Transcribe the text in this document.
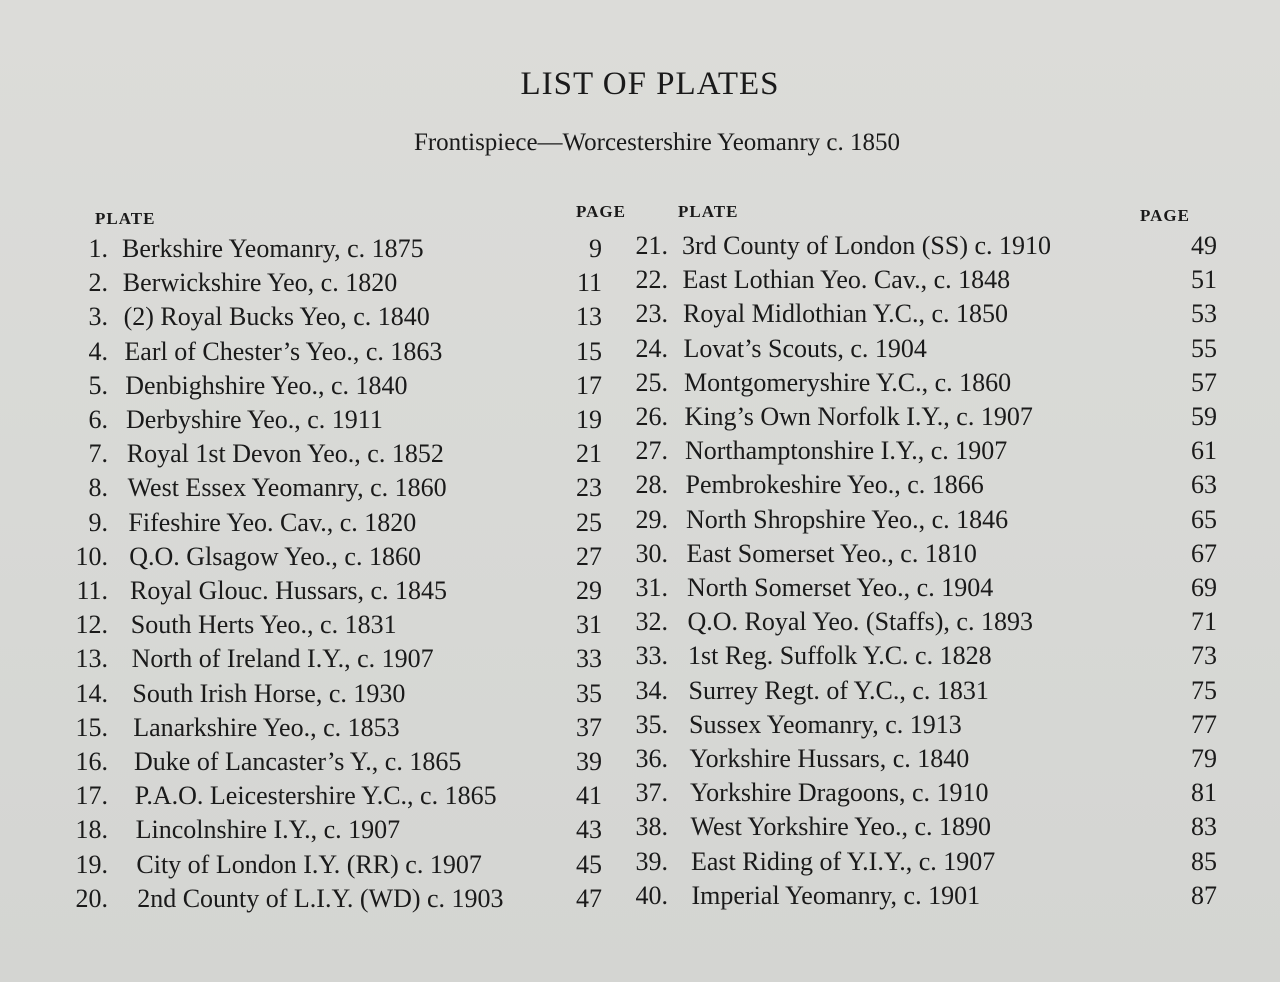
LIST OF PLATES
Frontispiece—Worcestershire Yeomanry c. 1850
PLATE	PAGE	PLATE	PAGE
1. Berkshire Yeomanry, c. 1875	9
2. Berwickshire Yeo, c. 1820	11
3. (2) Royal Bucks Yeo, c. 1840	13
4. Earl of Chester’s Yeo., c. 1863	15
5. Denbighshire Yeo., c. 1840	17
6. Derbyshire Yeo., c. 1911	19
7. Royal 1st Devon Yeo., c. 1852	21
8. West Essex Yeomanry, c. 1860	23
9. Fifeshire Yeo. Cav., c. 1820	25
10. Q.O. Glsagow Yeo., c. 1860	27
11. Royal Glouc. Hussars, c. 1845	29
12. South Herts Yeo., c. 1831	31
13. North of Ireland I.Y., c. 1907	33
14. South Irish Horse, c. 1930	35
15. Lanarkshire Yeo., c. 1853	37
16. Duke of Lancaster’s Y., c. 1865	39
17. P.A.O. Leicestershire Y.C., c. 1865	41
18. Lincolnshire I.Y., c. 1907	43
19. City of London I.Y. (RR) c. 1907	45
20. 2nd County of L.I.Y. (WD) c. 1903	47
21. 3rd County of London (SS) c. 1910	49
22. East Lothian Yeo. Cav., c. 1848	51
23. Royal Midlothian Y.C., c. 1850	53
24. Lovat’s Scouts, c. 1904	55
25. Montgomeryshire Y.C., c. 1860	57
26. King’s Own Norfolk I.Y., c. 1907	59
27. Northamptonshire I.Y., c. 1907	61
28. Pembrokeshire Yeo., c. 1866	63
29. North Shropshire Yeo., c. 1846	65
30. East Somerset Yeo., c. 1810	67
31. North Somerset Yeo., c. 1904	69
32. Q.O. Royal Yeo. (Staffs), c. 1893	71
33. 1st Reg. Suffolk Y.C. c. 1828	73
34. Surrey Regt. of Y.C., c. 1831	75
35. Sussex Yeomanry, c. 1913	77
36. Yorkshire Hussars, c. 1840	79
37. Yorkshire Dragoons, c. 1910	81
38. West Yorkshire Yeo., c. 1890	83
39. East Riding of Y.I.Y., c. 1907	85
40. Imperial Yeomanry, c. 1901	87
